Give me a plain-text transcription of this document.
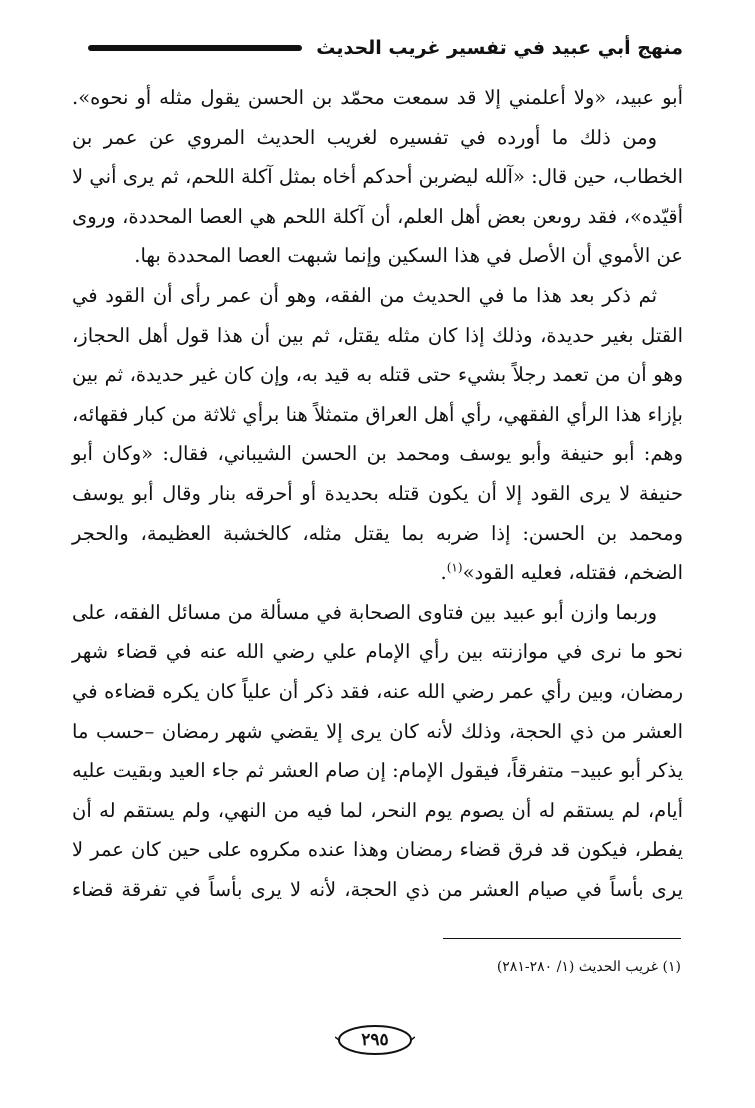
منهج أبي عبيد في تفسير غريب الحديث

أبو عبيد، «ولا أعلمني إلا قد سمعت محمّد بن الحسن يقول مثله أو نحوه».

ومن ذلك ما أورده في تفسيره لغريب الحديث المروي عن عمر بن الخطاب، حين قال: «آلله ليضربن أحدكم أخاه بمثل آكلة اللحم، ثم يرى أني لا أقيّده»، فقد روىعن بعض أهل العلم، أن آكلة اللحم هي العصا المحددة، وروى عن الأموي أن الأصل في هذا السكين وإنما شبهت العصا المحددة بها.

ثم ذكر بعد هذا ما في الحديث من الفقه، وهو أن عمر رأى أن القود في القتل بغير حديدة، وذلك إذا كان مثله يقتل، ثم بين أن هذا قول أهل الحجاز، وهو أن من تعمد رجلاً بشيء حتى قتله به قيد به، وإن كان غير حديدة، ثم بين بإزاء هذا الرأي الفقهي، رأي أهل العراق متمثلاً هنا برأي ثلاثة من كبار فقهائه، وهم: أبو حنيفة وأبو يوسف ومحمد بن الحسن الشيباني، فقال: «وكان أبو حنيفة لا يرى القود إلا أن يكون قتله بحديدة أو أحرقه بنار وقال أبو يوسف ومحمد بن الحسن: إذا ضربه بما يقتل مثله، كالخشبة العظيمة، والحجر الضخم، فقتله، فعليه القود»$^{(١)}$.

وربما وازن أبو عبيد بين فتاوى الصحابة في مسألة من مسائل الفقه، على نحو ما نرى في موازنته بين رأي الإمام علي رضي الله عنه في قضاء شهر رمضان، وبين رأي عمر رضي الله عنه، فقد ذكر أن علياً كان يكره قضاءه في العشر من ذي الحجة، وذلك لأنه كان يرى إلا يقضي شهر رمضان –حسب ما يذكر أبو عبيد– متفرقاً، فيقول الإمام: إن صام العشر ثم جاء العيد وبقيت عليه أيام، لم يستقم له أن يصوم يوم النحر، لما فيه من النهي، ولم يستقم له أن يفطر، فيكون قد فرق قضاء رمضان وهذا عنده مكروه على حين كان عمر لا يرى بأساً في صيام العشر من ذي الحجة، لأنه لا يرى بأساً في تفرقة قضاء

(١) غريب الحديث (١/ ٢٨٠-٢٨١)
٢٩٥
